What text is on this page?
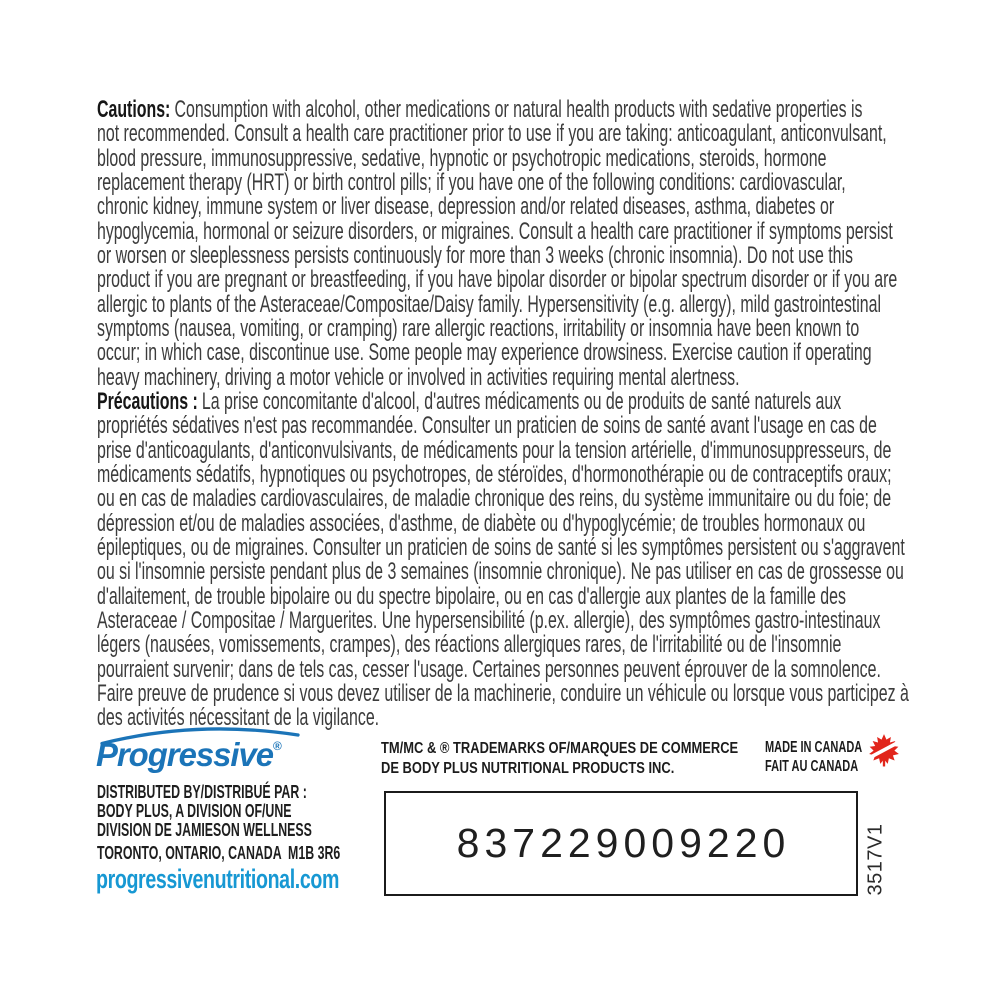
Cautions: Consumption with alcohol, other medications or natural health products with sedative properties is
not recommended. Consult a health care practitioner prior to use if you are taking: anticoagulant, anticonvulsant,
blood pressure, immunosuppressive, sedative, hypnotic or psychotropic medications, steroids, hormone
replacement therapy (HRT) or birth control pills; if you have one of the following conditions: cardiovascular,
chronic kidney, immune system or liver disease, depression and/or related diseases, asthma, diabetes or
hypoglycemia, hormonal or seizure disorders, or migraines. Consult a health care practitioner if symptoms persist
or worsen or sleeplessness persists continuously for more than 3 weeks (chronic insomnia). Do not use this
product if you are pregnant or breastfeeding, if you have bipolar disorder or bipolar spectrum disorder or if you are
allergic to plants of the Asteraceae/Compositae/Daisy family. Hypersensitivity (e.g. allergy), mild gastrointestinal
symptoms (nausea, vomiting, or cramping) rare allergic reactions, irritability or insomnia have been known to
occur; in which case, discontinue use. Some people may experience drowsiness. Exercise caution if operating
heavy machinery, driving a motor vehicle or involved in activities requiring mental alertness.
Précautions : La prise concomitante d'alcool, d'autres médicaments ou de produits de santé naturels aux
propriétés sédatives n'est pas recommandée. Consulter un praticien de soins de santé avant l'usage en cas de
prise d'anticoagulants, d'anticonvulsivants, de médicaments pour la tension artérielle, d'immunosuppresseurs, de
médicaments sédatifs, hypnotiques ou psychotropes, de stéroïdes, d'hormonothérapie ou de contraceptifs oraux;
ou en cas de maladies cardiovasculaires, de maladie chronique des reins, du système immunitaire ou du foie; de
dépression et/ou de maladies associées, d'asthme, de diabète ou d'hypoglycémie; de troubles hormonaux ou
épileptiques, ou de migraines. Consulter un praticien de soins de santé si les symptômes persistent ou s'aggravent
ou si l'insomnie persiste pendant plus de 3 semaines (insomnie chronique). Ne pas utiliser en cas de grossesse ou
d'allaitement, de trouble bipolaire ou du spectre bipolaire, ou en cas d'allergie aux plantes de la famille des
Asteraceae / Compositae / Marguerites. Une hypersensibilité (p.ex. allergie), des symptômes gastro-intestinaux
légers (nausées, vomissements, crampes), des réactions allergiques rares, de l'irritabilité ou de l'insomnie
pourraient survenir; dans de tels cas, cesser l'usage. Certaines personnes peuvent éprouver de la somnolence.
Faire preuve de prudence si vous devez utiliser de la machinerie, conduire un véhicule ou lorsque vous participez à
des activités nécessitant de la vigilance.
Progressive®
DISTRIBUTED BY/DISTRIBUÉ PAR :
BODY PLUS, A DIVISION OF/UNE
DIVISION DE JAMIESON WELLNESS
TORONTO, ONTARIO, CANADA  M1B 3R6
progressivenutritional.com
TM/MC & ® TRADEMARKS OF/MARQUES DE COMMERCE
DE BODY PLUS NUTRITIONAL PRODUCTS INC.
MADE IN CANADA
FAIT AU CANADA
837229009220	3517V1
